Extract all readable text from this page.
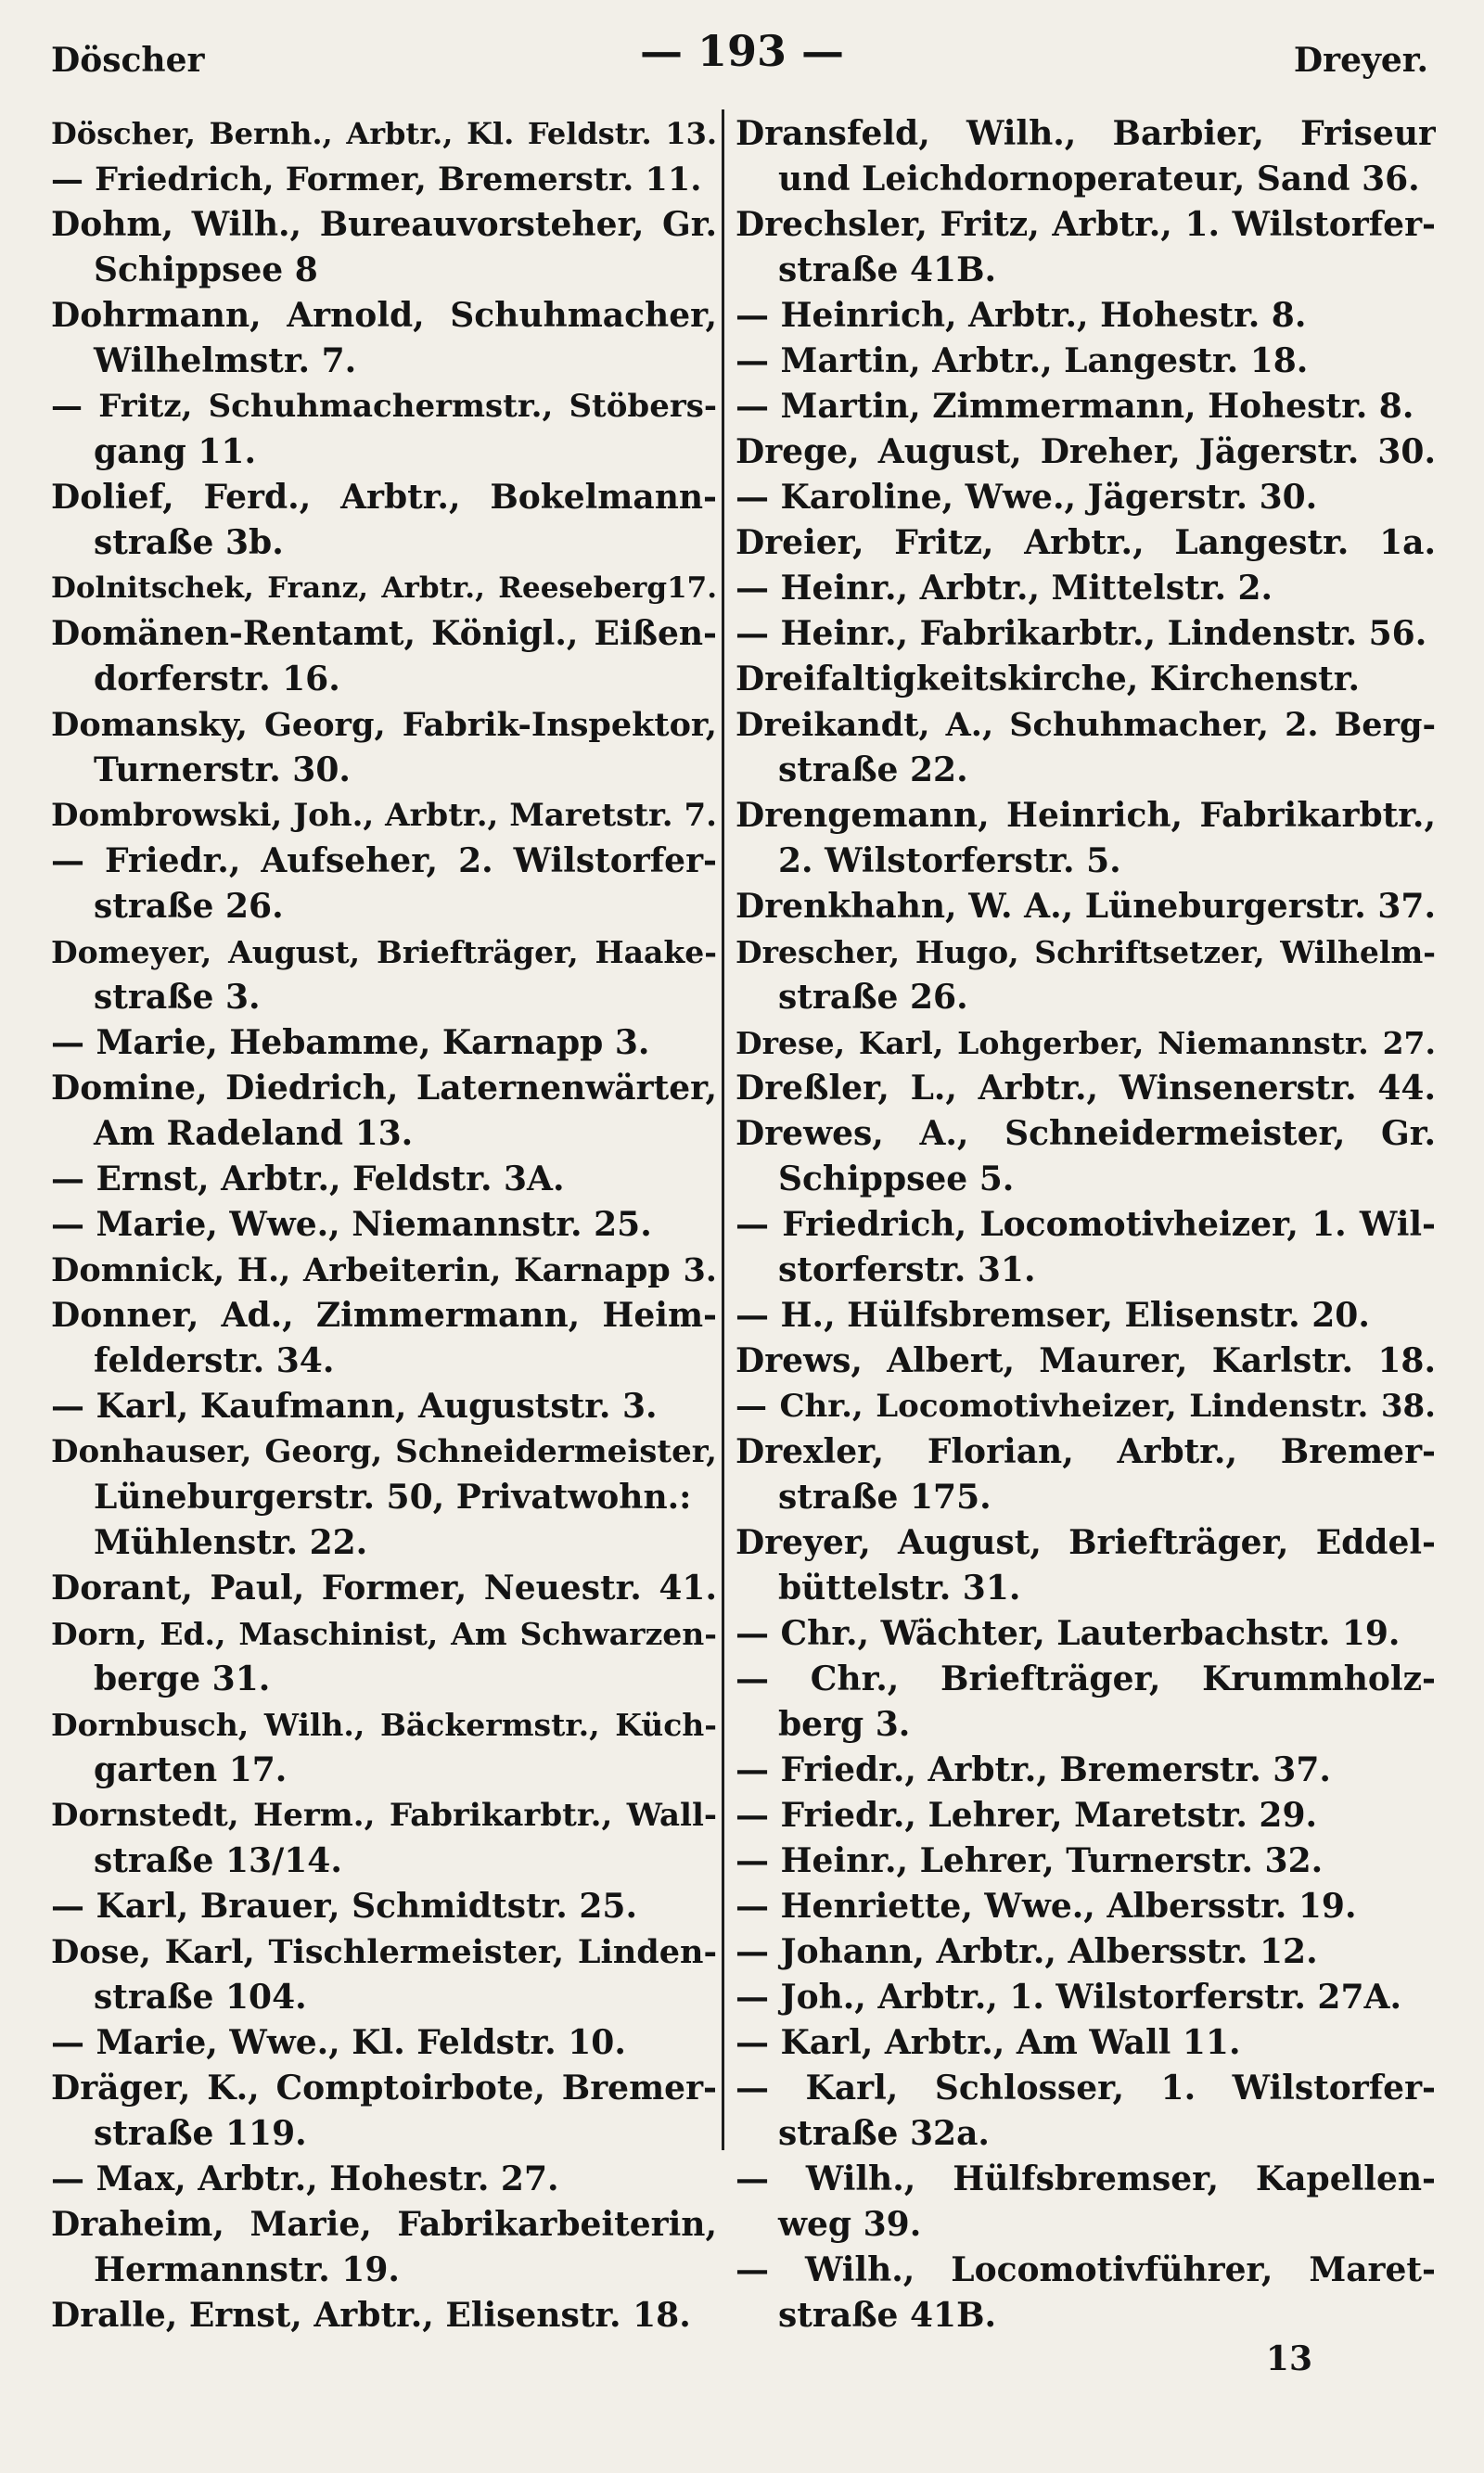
Döscher	— 193 —	Dreyer.
Döscher, Bernh., Arbtr., Kl. Feldstr. 13.
— Friedrich, Former, Bremerstr. 11.
Dohm, Wilh., Bureauvorsteher, Gr.
Schippsee 8
Dohrmann, Arnold, Schuhmacher,
Wilhelmstr. 7.
— Fritz, Schuhmachermstr., Stöbers-
gang 11.
Dolief, Ferd., Arbtr., Bokelmann-
straße 3b.
Dolnitschek, Franz, Arbtr., Reeseberg17.
Domänen-Rentamt, Königl., Eißen-
dorferstr. 16.
Domansky, Georg, Fabrik-Inspektor,
Turnerstr. 30.
Dombrowski, Joh., Arbtr., Maretstr. 7.
— Friedr., Aufseher, 2. Wilstorfer-
straße 26.
Domeyer, August, Briefträger, Haake-
straße 3.
— Marie, Hebamme, Karnapp 3.
Domine, Diedrich, Laternenwärter,
Am Radeland 13.
— Ernst, Arbtr., Feldstr. 3A.
— Marie, Wwe., Niemannstr. 25.
Domnick, H., Arbeiterin, Karnapp 3.
Donner, Ad., Zimmermann, Heim-
felderstr. 34.
— Karl, Kaufmann, Auguststr. 3.
Donhauser, Georg, Schneidermeister,
Lüneburgerstr. 50, Privatwohn.:
Mühlenstr. 22.
Dorant, Paul, Former, Neuestr. 41.
Dorn, Ed., Maschinist, Am Schwarzen-
berge 31.
Dornbusch, Wilh., Bäckermstr., Küch-
garten 17.
Dornstedt, Herm., Fabrikarbtr., Wall-
straße 13/14.
— Karl, Brauer, Schmidtstr. 25.
Dose, Karl, Tischlermeister, Linden-
straße 104.
— Marie, Wwe., Kl. Feldstr. 10.
Dräger, K., Comptoirbote, Bremer-
straße 119.
— Max, Arbtr., Hohestr. 27.
Draheim, Marie, Fabrikarbeiterin,
Hermannstr. 19.
Dralle, Ernst, Arbtr., Elisenstr. 18.
Dransfeld, Wilh., Barbier, Friseur
und Leichdornoperateur, Sand 36.
Drechsler, Fritz, Arbtr., 1. Wilstorfer-
straße 41B.
— Heinrich, Arbtr., Hohestr. 8.
— Martin, Arbtr., Langestr. 18.
— Martin, Zimmermann, Hohestr. 8.
Drege, August, Dreher, Jägerstr. 30.
— Karoline, Wwe., Jägerstr. 30.
Dreier, Fritz, Arbtr., Langestr. 1a.
— Heinr., Arbtr., Mittelstr. 2.
— Heinr., Fabrikarbtr., Lindenstr. 56.
Dreifaltigkeitskirche, Kirchenstr.
Dreikandt, A., Schuhmacher, 2. Berg-
straße 22.
Drengemann, Heinrich, Fabrikarbtr.,
2. Wilstorferstr. 5.
Drenkhahn, W. A., Lüneburgerstr. 37.
Drescher, Hugo, Schriftsetzer, Wilhelm-
straße 26.
Drese, Karl, Lohgerber, Niemannstr. 27.
Dreßler, L., Arbtr., Winsenerstr. 44.
Drewes, A., Schneidermeister, Gr.
Schippsee 5.
— Friedrich, Locomotivheizer, 1. Wil-
storferstr. 31.
— H., Hülfsbremser, Elisenstr. 20.
Drews, Albert, Maurer, Karlstr. 18.
— Chr., Locomotivheizer, Lindenstr. 38.
Drexler, Florian, Arbtr., Bremer-
straße 175.
Dreyer, August, Briefträger, Eddel-
büttelstr. 31.
— Chr., Wächter, Lauterbachstr. 19.
— Chr., Briefträger, Krummholz-
berg 3.
— Friedr., Arbtr., Bremerstr. 37.
— Friedr., Lehrer, Maretstr. 29.
— Heinr., Lehrer, Turnerstr. 32.
— Henriette, Wwe., Albersstr. 19.
— Johann, Arbtr., Albersstr. 12.
— Joh., Arbtr., 1. Wilstorferstr. 27A.
— Karl, Arbtr., Am Wall 11.
— Karl, Schlosser, 1. Wilstorfer-
straße 32a.
— Wilh., Hülfsbremser, Kapellen-
weg 39.
— Wilh., Locomotivführer, Maret-
straße 41B.
13
